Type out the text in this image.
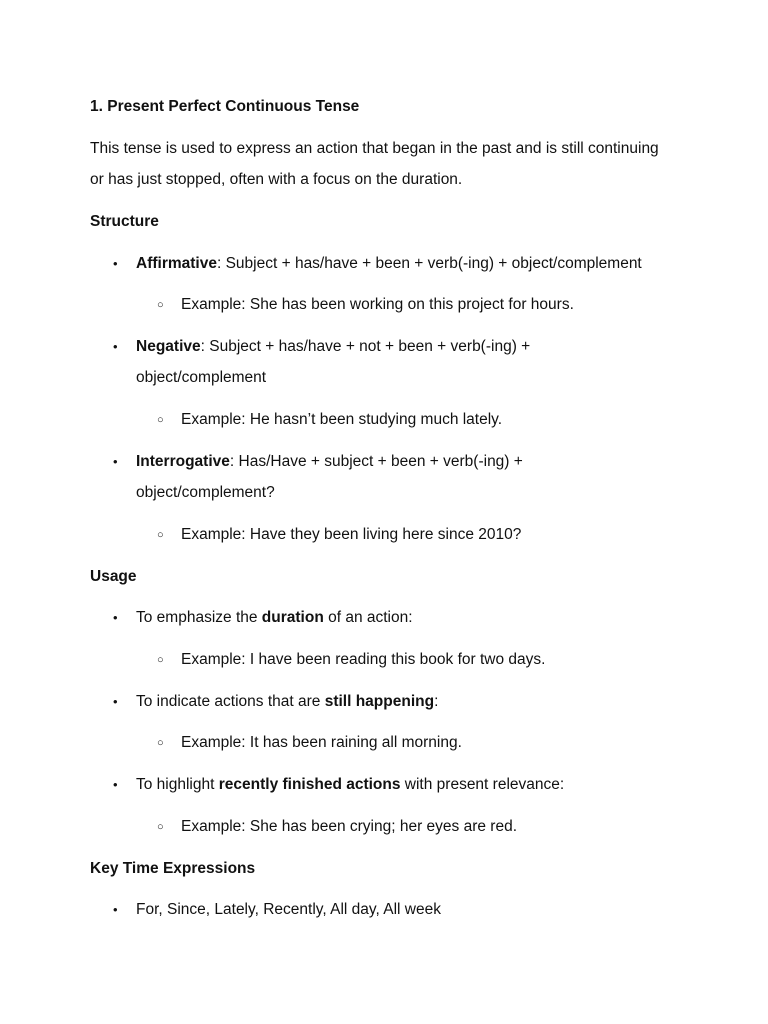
1. Present Perfect Continuous Tense
This tense is used to express an action that began in the past and is still continuing
or has just stopped, often with a focus on the duration.
Structure
• Affirmative: Subject + has/have + been + verb(-ing) + object/complement
○ Example: She has been working on this project for hours.
• Negative: Subject + has/have + not + been + verb(-ing) +
object/complement
○ Example: He hasn’t been studying much lately.
• Interrogative: Has/Have + subject + been + verb(-ing) +
object/complement?
○ Example: Have they been living here since 2010?
Usage
• To emphasize the duration of an action:
○ Example: I have been reading this book for two days.
• To indicate actions that are still happening:
○ Example: It has been raining all morning.
• To highlight recently finished actions with present relevance:
○ Example: She has been crying; her eyes are red.
Key Time Expressions
• For, Since, Lately, Recently, All day, All week
